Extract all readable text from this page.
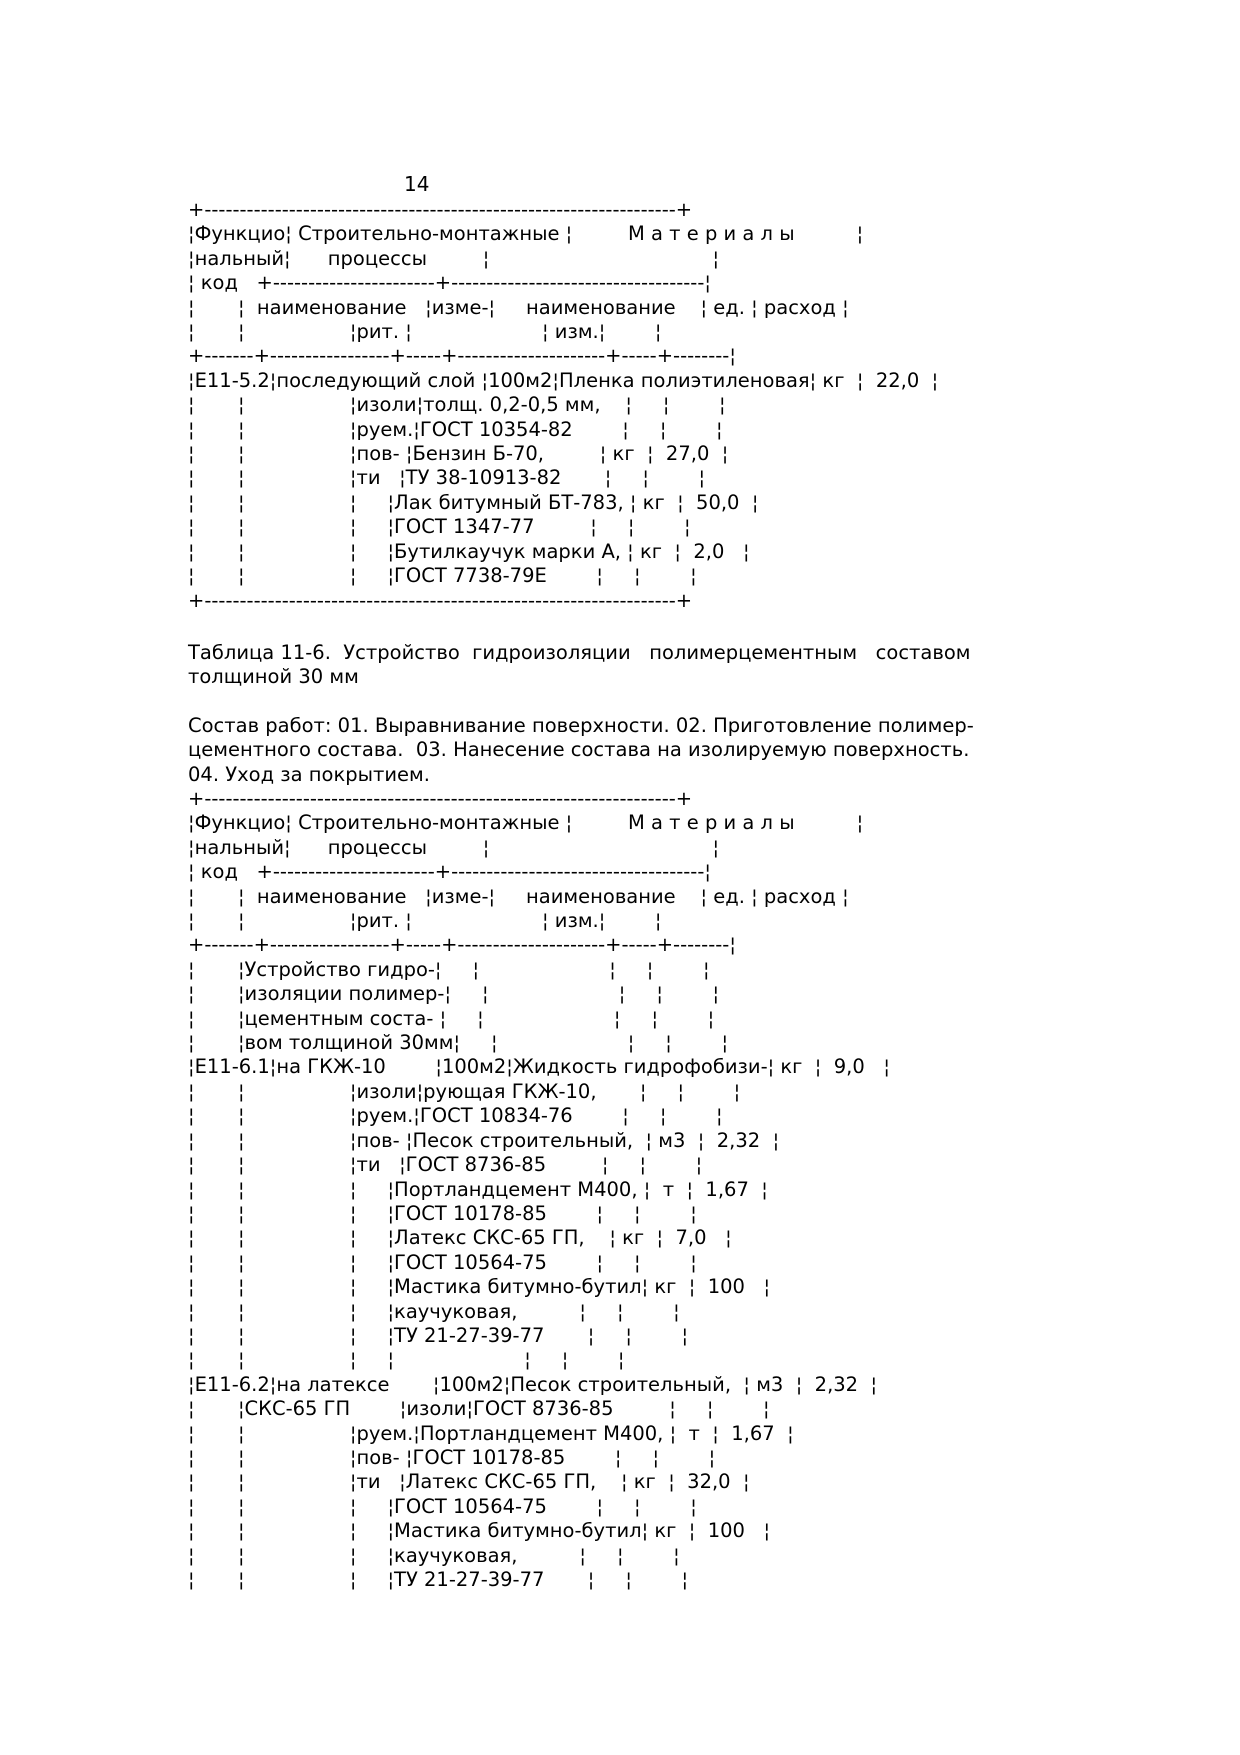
14
+-------------------------------------------------------------------+
¦Функцио¦ Строительно-монтажные ¦         М а т е р и а л ы          ¦
¦нальный¦      процессы         ¦                                    ¦
¦ код   +-----------------------+------------------------------------¦
¦       ¦  наименование   ¦изме-¦     наименование    ¦ ед. ¦ расход ¦
¦       ¦                 ¦рит. ¦                     ¦ изм.¦        ¦
+-------+-----------------+-----+---------------------+-----+--------¦
¦Е11-5.2¦последующий слой ¦100м2¦Пленка полиэтиленовая¦ кг  ¦  22,0  ¦
¦       ¦                 ¦изоли¦толщ. 0,2-0,5 мм,    ¦     ¦        ¦
¦       ¦                 ¦руем.¦ГОСТ 10354-82        ¦     ¦        ¦
¦       ¦                 ¦пов- ¦Бензин Б-70,         ¦ кг  ¦  27,0  ¦
¦       ¦                 ¦ти   ¦ТУ 38-10913-82       ¦     ¦        ¦
¦       ¦                 ¦     ¦Лак битумный БТ-783, ¦ кг  ¦  50,0  ¦
¦       ¦                 ¦     ¦ГОСТ 1347-77         ¦     ¦        ¦
¦       ¦                 ¦     ¦Бутилкаучук марки А, ¦ кг  ¦  2,0   ¦
¦       ¦                 ¦     ¦ГОСТ 7738-79Е        ¦     ¦        ¦
+-------------------------------------------------------------------+

Таблица 11-6.  Устройство  гидроизоляции   полимерцементным   составом

толщиной 30 мм

Состав работ: 01. Выравнивание поверхности. 02. Приготовление полимер-

цементного состава.  03. Нанесение состава на изолируемую поверхность.

04. Уход за покрытием.

+-------------------------------------------------------------------+
¦Функцио¦ Строительно-монтажные ¦         М а т е р и а л ы          ¦
¦нальный¦      процессы         ¦                                    ¦
¦ код   +-----------------------+------------------------------------¦
¦       ¦  наименование   ¦изме-¦     наименование    ¦ ед. ¦ расход ¦
¦       ¦                 ¦рит. ¦                     ¦ изм.¦        ¦
+-------+-----------------+-----+---------------------+-----+--------¦
¦       ¦Устройство гидро-¦     ¦                     ¦     ¦        ¦
¦       ¦изоляции полимер-¦     ¦                     ¦     ¦        ¦
¦       ¦цементным соста- ¦     ¦                     ¦     ¦        ¦
¦       ¦вом толщиной 30мм¦     ¦                     ¦     ¦        ¦
¦Е11-6.1¦на ГКЖ-10        ¦100м2¦Жидкость гидрофобизи-¦ кг  ¦  9,0   ¦
¦       ¦                 ¦изоли¦рующая ГКЖ-10,       ¦     ¦        ¦
¦       ¦                 ¦руем.¦ГОСТ 10834-76        ¦     ¦        ¦
¦       ¦                 ¦пов- ¦Песок строительный,  ¦ м3  ¦  2,32  ¦
¦       ¦                 ¦ти   ¦ГОСТ 8736-85         ¦     ¦        ¦
¦       ¦                 ¦     ¦Портландцемент М400, ¦  т  ¦  1,67  ¦
¦       ¦                 ¦     ¦ГОСТ 10178-85        ¦     ¦        ¦
¦       ¦                 ¦     ¦Латекс СКС-65 ГП,    ¦ кг  ¦  7,0   ¦
¦       ¦                 ¦     ¦ГОСТ 10564-75        ¦     ¦        ¦
¦       ¦                 ¦     ¦Мастика битумно-бутил¦ кг  ¦  100   ¦
¦       ¦                 ¦     ¦каучуковая,          ¦     ¦        ¦
¦       ¦                 ¦     ¦ТУ 21-27-39-77       ¦     ¦        ¦
¦       ¦                 ¦     ¦                     ¦     ¦        ¦
¦Е11-6.2¦на латексе       ¦100м2¦Песок строительный,  ¦ м3  ¦  2,32  ¦
¦       ¦СКС-65 ГП        ¦изоли¦ГОСТ 8736-85         ¦     ¦        ¦
¦       ¦                 ¦руем.¦Портландцемент М400, ¦  т  ¦  1,67  ¦
¦       ¦                 ¦пов- ¦ГОСТ 10178-85        ¦     ¦        ¦
¦       ¦                 ¦ти   ¦Латекс СКС-65 ГП,    ¦ кг  ¦  32,0  ¦
¦       ¦                 ¦     ¦ГОСТ 10564-75        ¦     ¦        ¦
¦       ¦                 ¦     ¦Мастика битумно-бутил¦ кг  ¦  100   ¦
¦       ¦                 ¦     ¦каучуковая,          ¦     ¦        ¦
¦       ¦                 ¦     ¦ТУ 21-27-39-77       ¦     ¦        ¦
